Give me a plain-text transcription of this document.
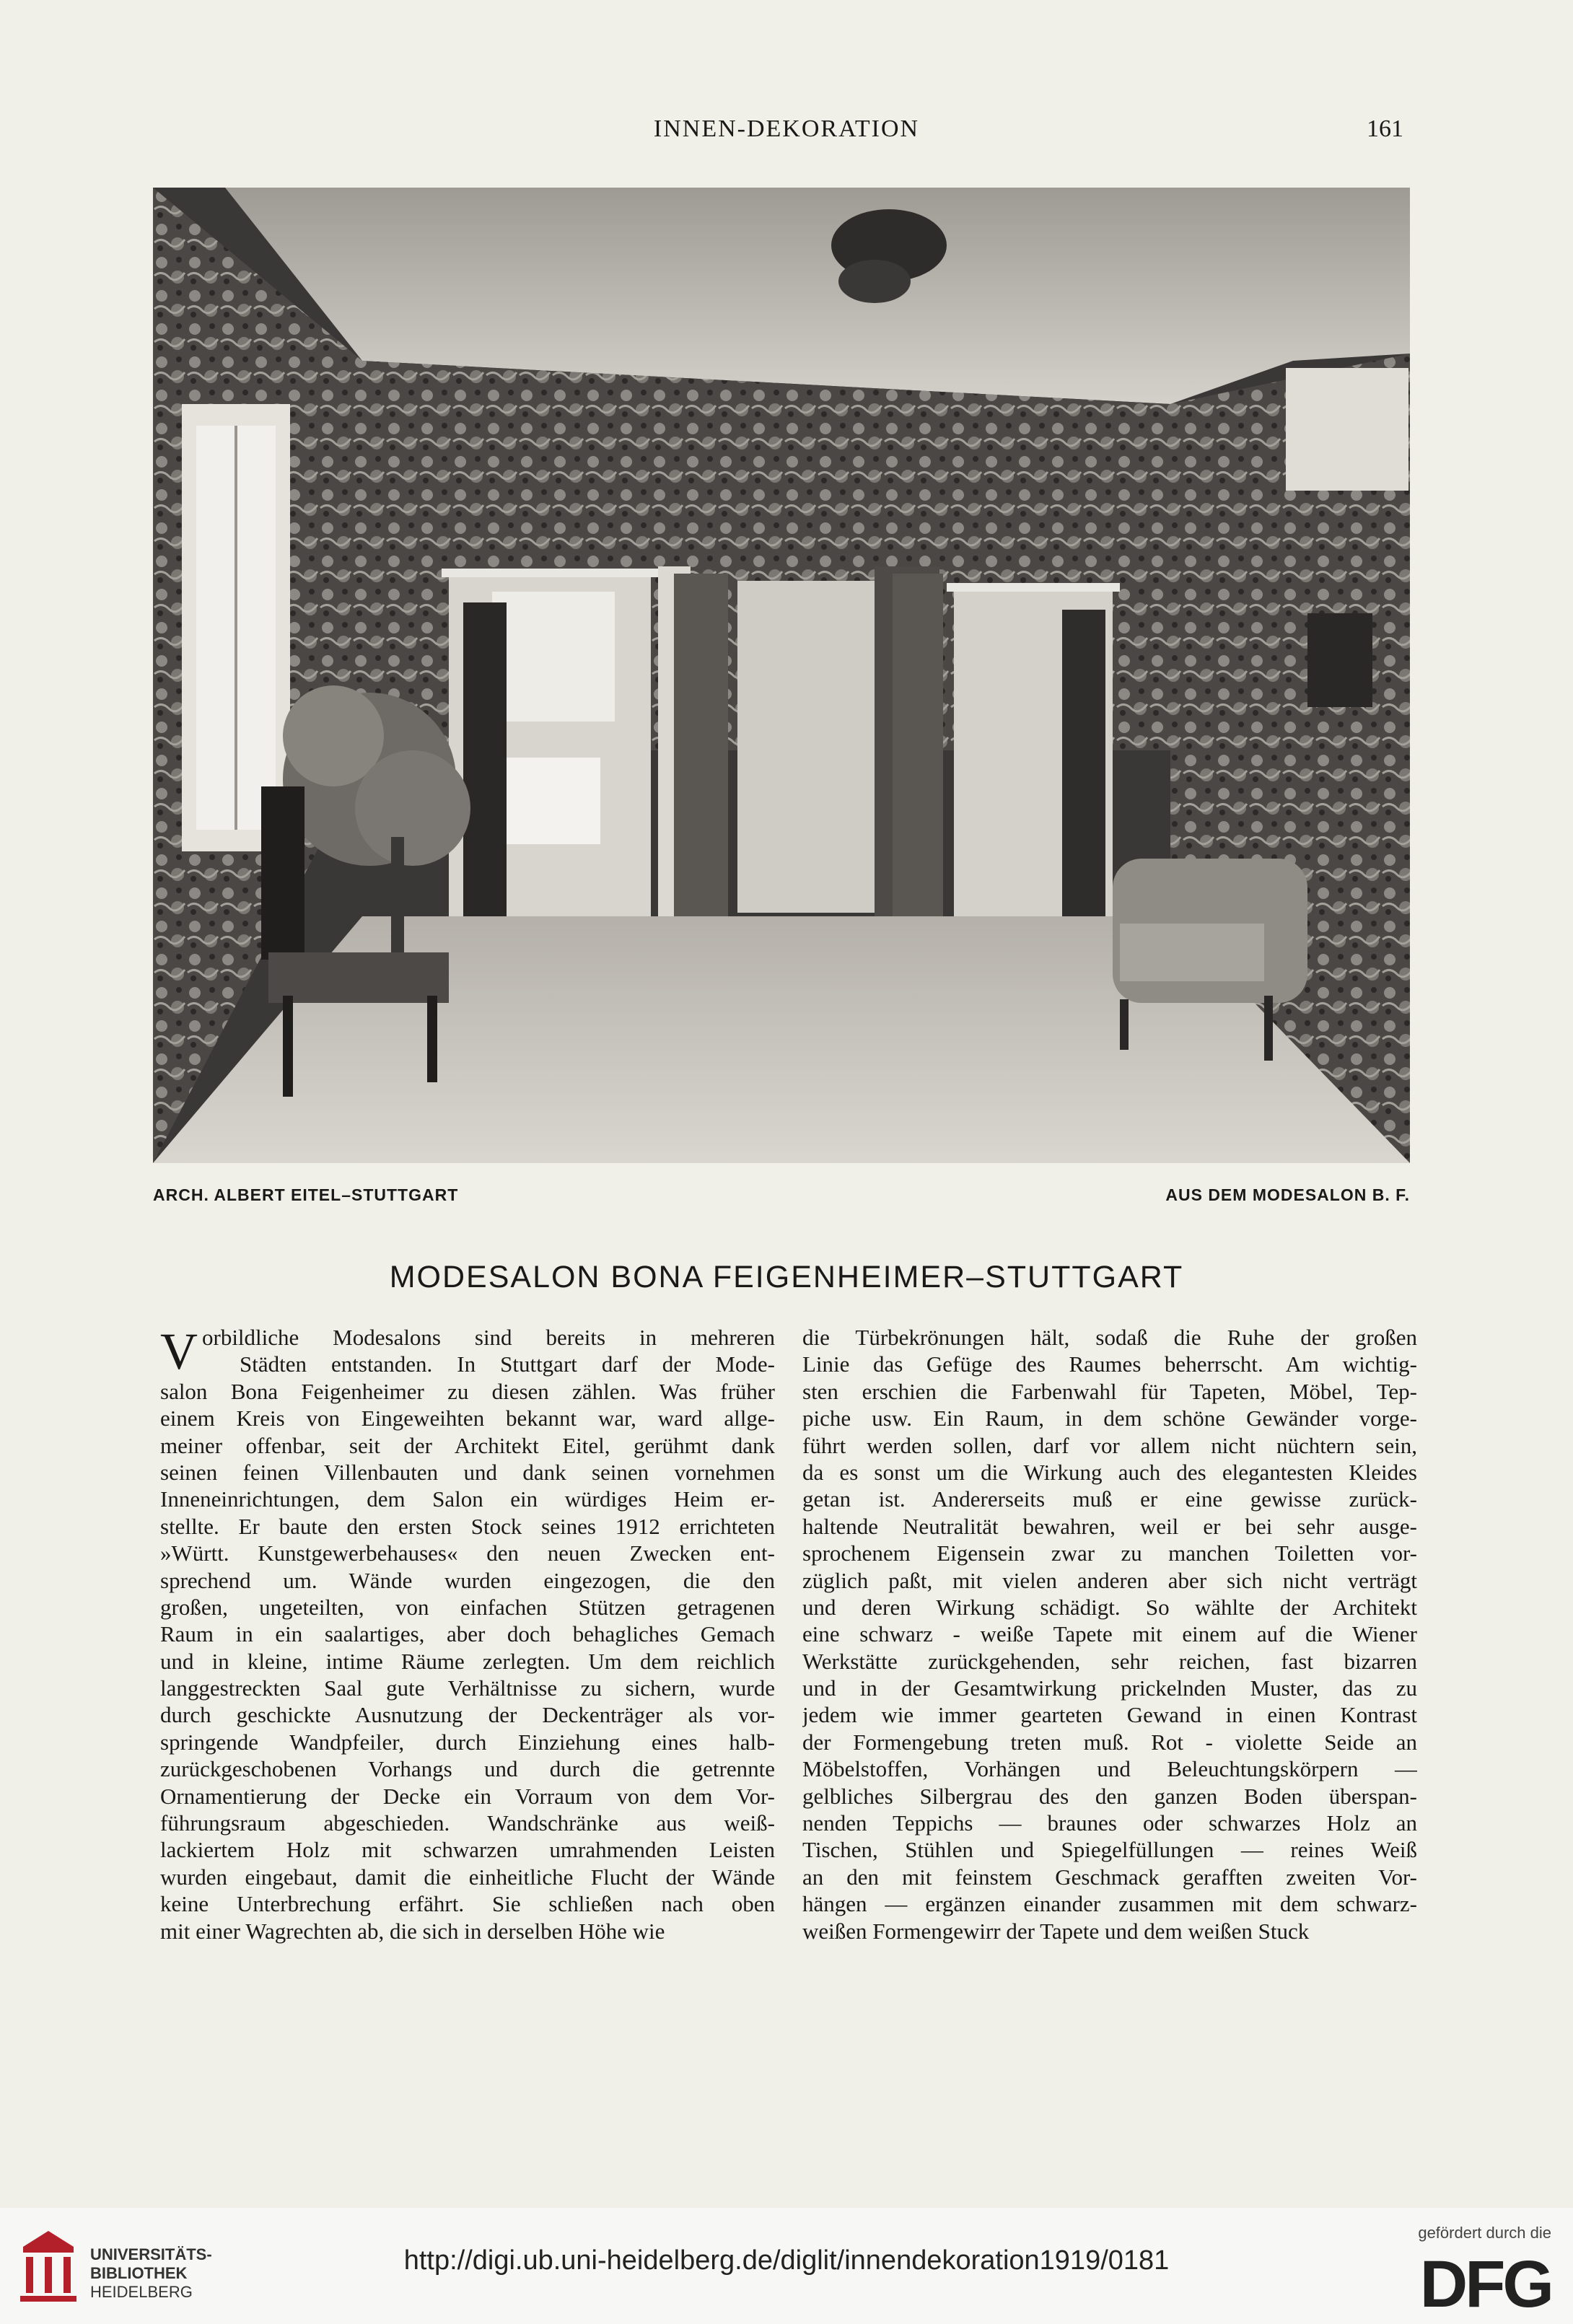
INNEN-DEKORATION	161
ARCH. ALBERT EITEL–STUTTGART	AUS DEM MODESALON B. F.
MODESALON BONA FEIGENHEIMER–STUTTGART
V orbildliche Modesalons sind bereits in mehreren
Städten entstanden. In Stuttgart darf der Mode-
salon Bona Feigenheimer zu diesen zählen. Was früher
einem Kreis von Eingeweihten bekannt war, ward allge-
meiner offenbar, seit der Architekt Eitel, gerühmt dank
seinen feinen Villenbauten und dank seinen vornehmen
Inneneinrichtungen, dem Salon ein würdiges Heim er-
stellte. Er baute den ersten Stock seines 1912 errichteten
»Württ. Kunstgewerbehauses« den neuen Zwecken ent-
sprechend um. Wände wurden eingezogen, die den
großen, ungeteilten, von einfachen Stützen getragenen
Raum in ein saalartiges, aber doch behagliches Gemach
und in kleine, intime Räume zerlegten. Um dem reichlich
langgestreckten Saal gute Verhältnisse zu sichern, wurde
durch geschickte Ausnutzung der Deckenträger als vor-
springende Wandpfeiler, durch Einziehung eines halb-
zurückgeschobenen Vorhangs und durch die getrennte
Ornamentierung der Decke ein Vorraum von dem Vor-
führungsraum abgeschieden. Wandschränke aus weiß-
lackiertem Holz mit schwarzen umrahmenden Leisten
wurden eingebaut, damit die einheitliche Flucht der Wände
keine Unterbrechung erfährt. Sie schließen nach oben
mit einer Wagrechten ab, die sich in derselben Höhe wie
die Türbekrönungen hält, sodaß die Ruhe der großen
Linie das Gefüge des Raumes beherrscht. Am wichtig-
sten erschien die Farbenwahl für Tapeten, Möbel, Tep-
piche usw. Ein Raum, in dem schöne Gewänder vorge-
führt werden sollen, darf vor allem nicht nüchtern sein,
da es sonst um die Wirkung auch des elegantesten Kleides
getan ist. Andererseits muß er eine gewisse zurück-
haltende Neutralität bewahren, weil er bei sehr ausge-
sprochenem Eigensein zwar zu manchen Toiletten vor-
züglich paßt, mit vielen anderen aber sich nicht verträgt
und deren Wirkung schädigt. So wählte der Architekt
eine schwarz - weiße Tapete mit einem auf die Wiener
Werkstätte zurückgehenden, sehr reichen, fast bizarren
und in der Gesamtwirkung prickelnden Muster, das zu
jedem wie immer gearteten Gewand in einen Kontrast
der Formengebung treten muß. Rot - violette Seide an
Möbelstoffen, Vorhängen und Beleuchtungskörpern —
gelbliches Silbergrau des den ganzen Boden überspan-
nenden Teppichs — braunes oder schwarzes Holz an
Tischen, Stühlen und Spiegelfüllungen — reines Weiß
an den mit feinstem Geschmack gerafften zweiten Vor-
hängen — ergänzen einander zusammen mit dem schwarz-
weißen Formengewirr der Tapete und dem weißen Stuck
UNIVERSITÄTS-
BIBLIOTHEK
HEIDELBERG
http://digi.ub.uni-heidelberg.de/diglit/innendekoration1919/0181
gefördert durch die
DFG
